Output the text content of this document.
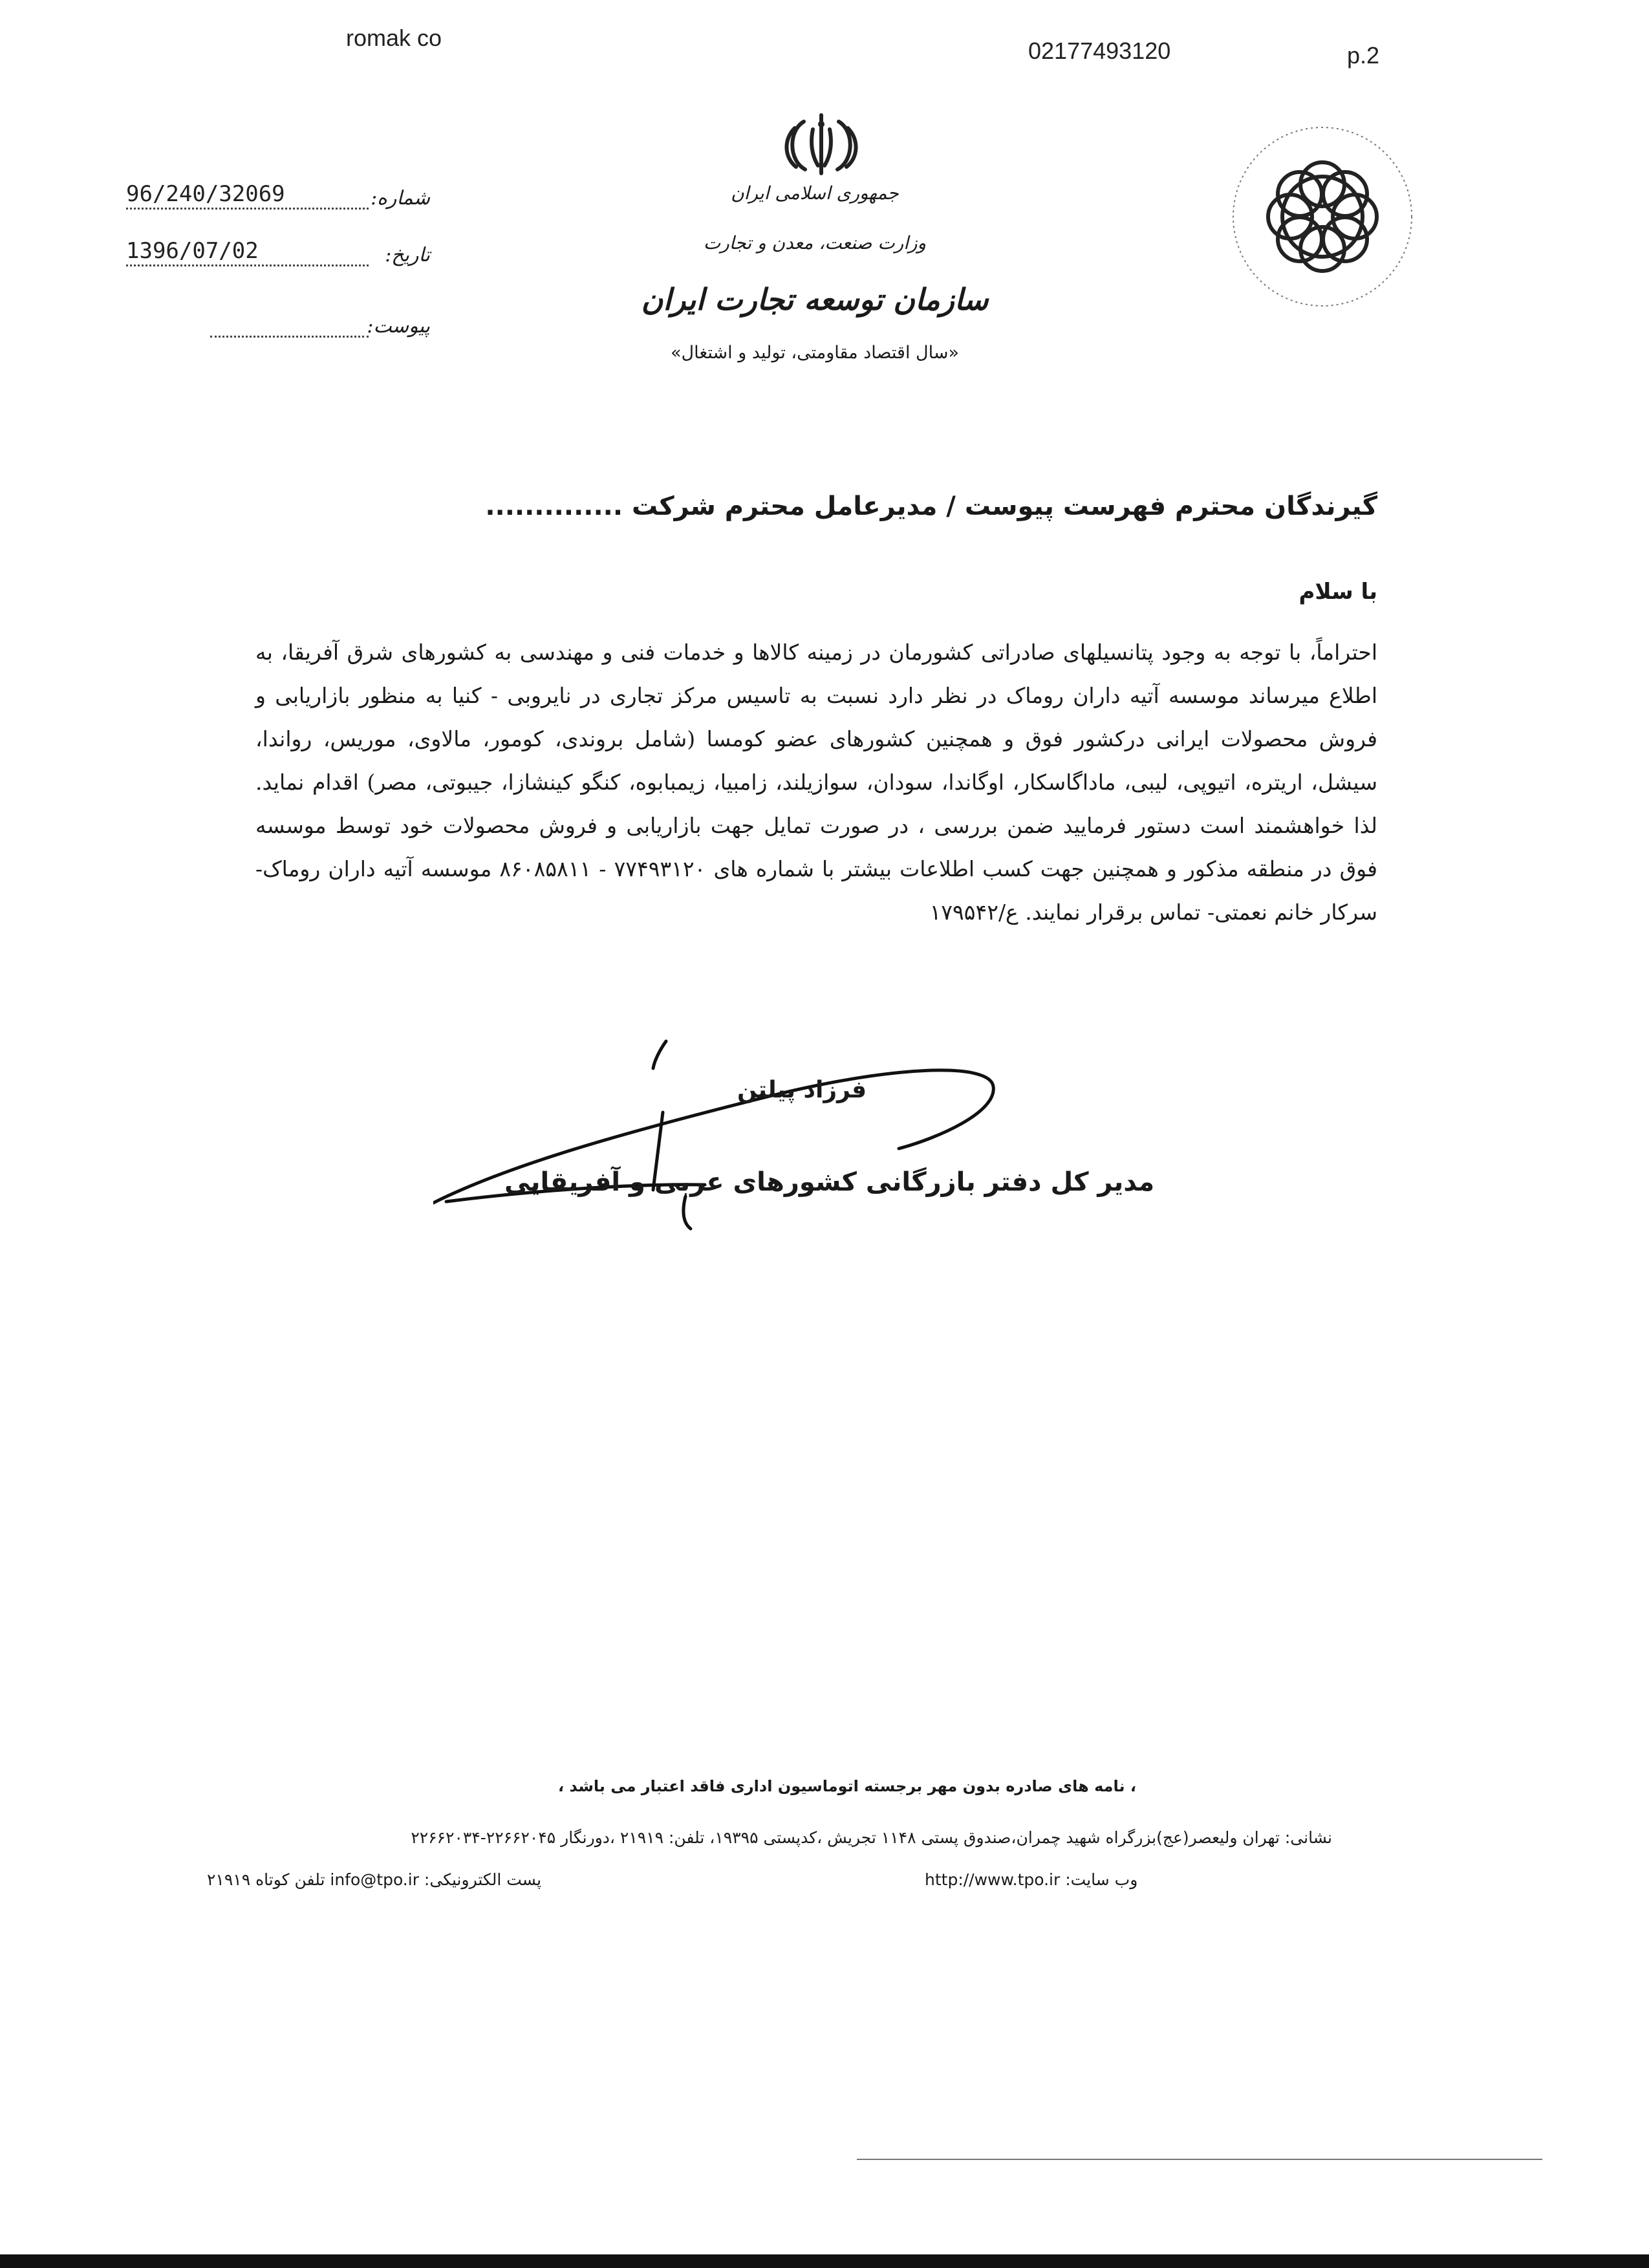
romak co	02177493120	p.2
96/240/32069	شماره:
1396/07/02	تاریخ:
پیوست:
جمهوری اسلامی ایران
وزارت صنعت، معدن و تجارت
سازمان توسعه تجارت ایران
«سال اقتصاد مقاومتی، تولید و اشتغال»
گیرندگان محترم فهرست پیوست / مدیرعامل محترم شرکت ..............
با سلام
احتراماً، با توجه به وجود پتانسیلهای صادراتی کشورمان در زمینه کالاها و خدمات فنی و مهندسی به کشورهای شرق آفریقا، به اطلاع میرساند موسسه آتیه داران روماک در نظر دارد نسبت به تاسیس مرکز تجاری در نایروبی - کنیا به منظور بازاریابی و فروش محصولات ایرانی درکشور فوق و همچنین کشورهای عضو کومسا (شامل بروندی، کومور، مالاوی، موریس، رواندا، سیشل، اریتره، اتیوپی، لیبی، ماداگاسکار، اوگاندا، سودان، سوازیلند، زامبیا، زیمبابوه، کنگو کینشازا، جیبوتی، مصر) اقدام نماید. لذا خواهشمند است دستور فرمایید ضمن بررسی ، در صورت تمایل جهت بازاریابی و فروش محصولات خود توسط موسسه فوق در منطقه مذکور و همچنین جهت کسب اطلاعات بیشتر با شماره های ۷۷۴۹۳۱۲۰ - ۸۶۰۸۵۸۱۱ موسسه آتیه داران روماک- سرکار خانم نعمتی- تماس برقرار نمایند. ع/۱۷۹۵۴۲
فرزاد پیلتن
مدیر کل دفتر بازرگانی کشورهای عربی و آفریقایی
، نامه های صادره بدون مهر برجسته اتوماسیون اداری فاقد اعتبار می باشد ،
نشانی: تهران ولیعصر(عج)بزرگراه شهید چمران،صندوق پستی ۱۱۴۸ تجریش ،کدپستی ۱۹۳۹۵، تلفن: ۲۱۹۱۹ ،دورنگار ۲۲۶۶۲۰۴۵-۲۲۶۶۲۰۳۴
پست الکترونیکی: info@tpo.ir تلفن کوتاه ۲۱۹۱۹	وب سایت: http://www.tpo.ir
